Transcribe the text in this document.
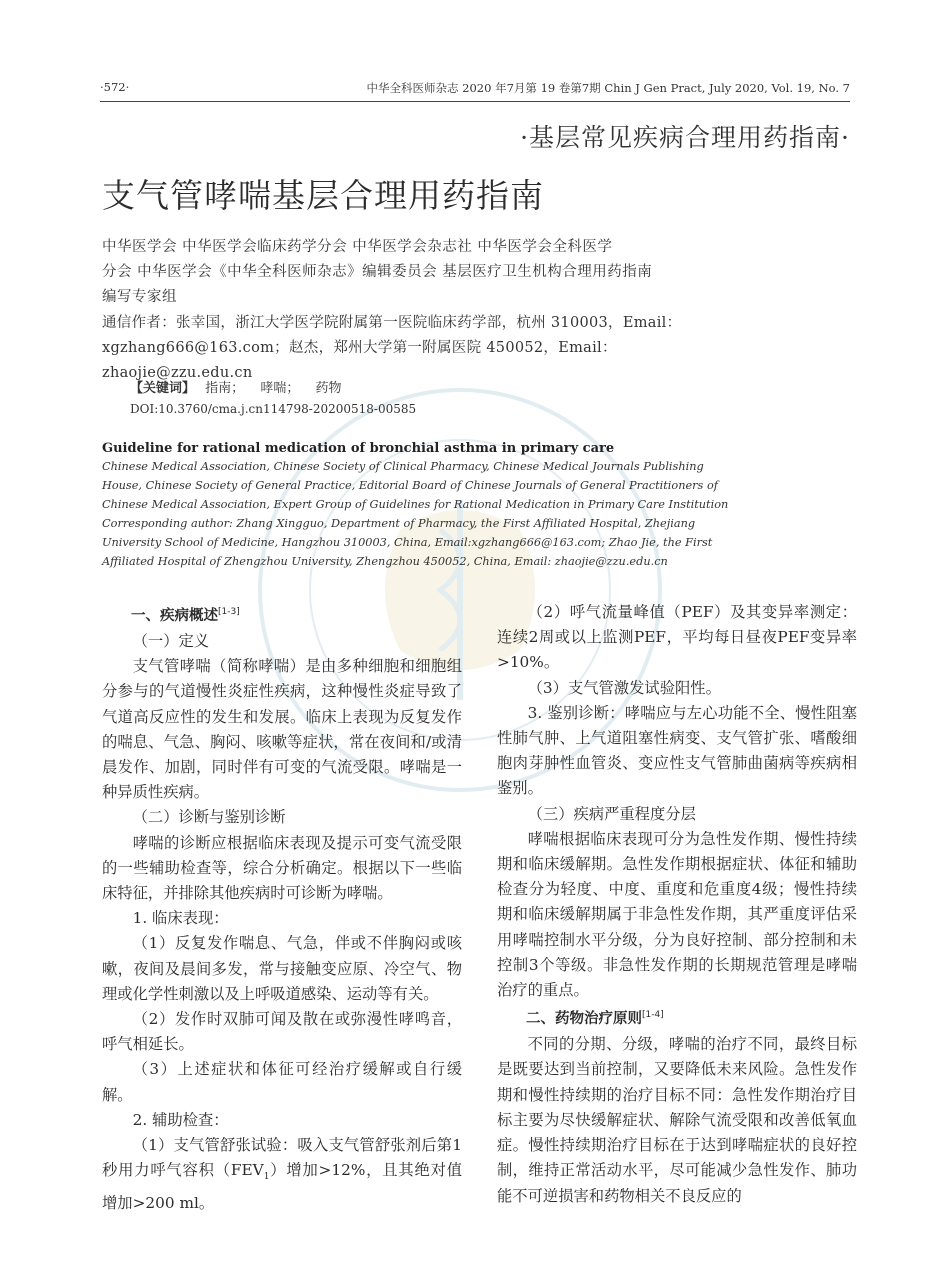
·572·	中华全科医师杂志 2020 年7月第 19 卷第7期 Chin J Gen Pract, July 2020, Vol. 19, No. 7
·基层常见疾病合理用药指南·
支气管哮喘基层合理用药指南
中华医学会 中华医学会临床药学分会 中华医学会杂志社 中华医学会全科医学
分会 中华医学会《中华全科医师杂志》编辑委员会 基层医疗卫生机构合理用药指南
编写专家组
通信作者：张幸国，浙江大学医学院附属第一医院临床药学部，杭州 310003，Email：
xgzhang666@163.com；赵杰，郑州大学第一附属医院 450052，Email：zhaojie@zzu.edu.cn
【关键词】 指南； 哮喘； 药物
DOI:10.3760/cma.j.cn114798-20200518-00585
Guideline for rational medication of bronchial asthma in primary care
Chinese Medical Association, Chinese Society of Clinical Pharmacy, Chinese Medical Journals Publishing
House, Chinese Society of General Practice, Editorial Board of Chinese Journals of General Practitioners of
Chinese Medical Association, Expert Group of Guidelines for Rational Medication in Primary Care Institution
Corresponding author: Zhang Xingguo, Department of Pharmacy, the First Affiliated Hospital, Zhejiang
University School of Medicine, Hangzhou 310003, China, Email:xgzhang666@163.com; Zhao Jie, the First
Affiliated Hospital of Zhengzhou University, Zhengzhou 450052, China, Email: zhaojie@zzu.edu.cn

一、疾病概述[1-3]

（一）定义

支气管哮喘（简称哮喘）是由多种细胞和细胞组分参与的气道慢性炎症性疾病，这种慢性炎症导致了气道高反应性的发生和发展。临床上表现为反复发作的喘息、气急、胸闷、咳嗽等症状，常在夜间和/或清晨发作、加剧，同时伴有可变的气流受限。哮喘是一种异质性疾病。

（二）诊断与鉴别诊断

哮喘的诊断应根据临床表现及提示可变气流受限的一些辅助检查等，综合分析确定。根据以下一些临床特征，并排除其他疾病时可诊断为哮喘。

1. 临床表现：

（1）反复发作喘息、气急，伴或不伴胸闷或咳嗽，夜间及晨间多发，常与接触变应原、冷空气、物理或化学性刺激以及上呼吸道感染、运动等有关。

（2）发作时双肺可闻及散在或弥漫性哮鸣音，呼气相延长。

（3）上述症状和体征可经治疗缓解或自行缓解。

2. 辅助检查：

（1）支气管舒张试验：吸入支气管舒张剂后第1秒用力呼气容积$(FEV_1)$增加>12%，且其绝对值增加>200 ml。

（2）呼气流量峰值（PEF）及其变异率测定：连续2周或以上监测PEF，平均每日昼夜PEF变异率>10%。

（3）支气管激发试验阳性。

3. 鉴别诊断：哮喘应与左心功能不全、慢性阻塞性肺气肿、上气道阻塞性病变、支气管扩张、嗜酸细胞肉芽肿性血管炎、变应性支气管肺曲菌病等疾病相鉴别。

（三）疾病严重程度分层

哮喘根据临床表现可分为急性发作期、慢性持续期和临床缓解期。急性发作期根据症状、体征和辅助检查分为轻度、中度、重度和危重度4级；慢性持续期和临床缓解期属于非急性发作期，其严重度评估采用哮喘控制水平分级，分为良好控制、部分控制和未控制3个等级。非急性发作期的长期规范管理是哮喘治疗的重点。

二、药物治疗原则[1-4]

不同的分期、分级，哮喘的治疗不同，最终目标是既要达到当前控制，又要降低未来风险。急性发作期和慢性持续期的治疗目标不同：急性发作期治疗目标主要为尽快缓解症状、解除气流受限和改善低氧血症。慢性持续期治疗目标在于达到哮喘症状的良好控制，维持正常活动水平，尽可能减少急性发作、肺功能不可逆损害和药物相关不良反应的
